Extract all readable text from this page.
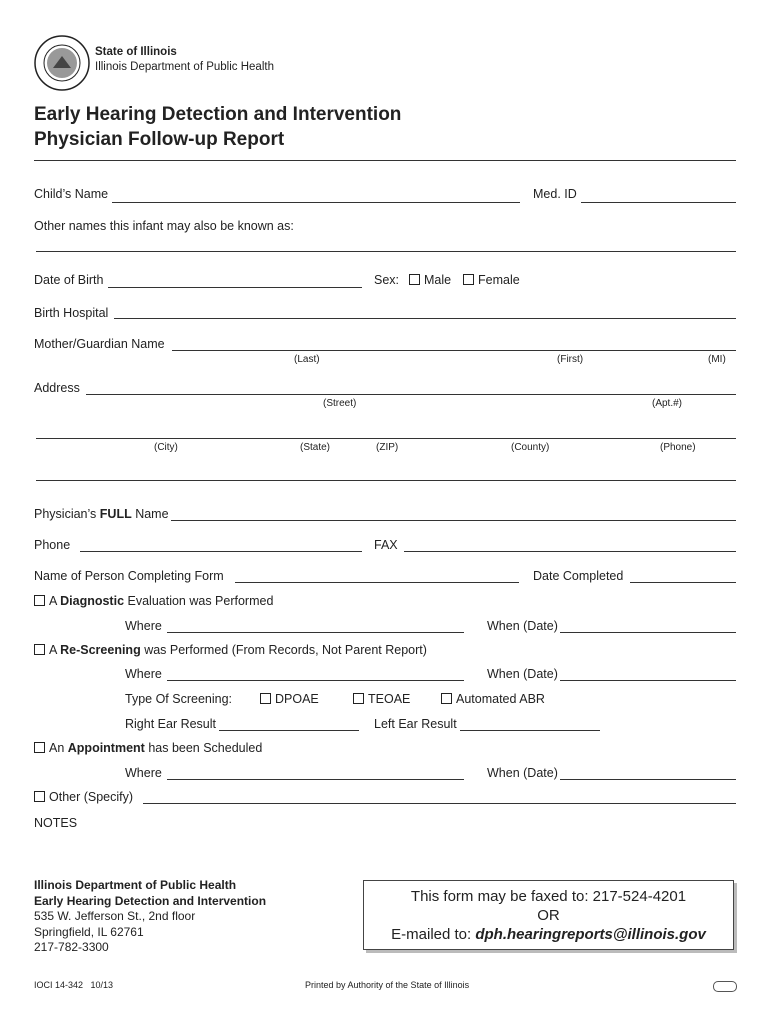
State of Illinois
Illinois Department of Public Health
Early Hearing Detection and Intervention
Physician Follow-up Report
Child’s Name	Med. ID
Other names this infant may also be known as:
Date of Birth	Sex:	Male	Female
Birth Hospital
Mother/Guardian Name
(Last)	(First)	(MI)
Address
(Street)	(Apt.#)
(City)	(State)	(ZIP)	(County)	(Phone)
Physician’s FULL Name
Phone	FAX
Name of Person Completing Form	Date Completed
A Diagnostic Evaluation was Performed
Where	When (Date)
A Re-Screening was Performed (From Records, Not Parent Report)
Where	When (Date)
Type Of Screening:	DPOAE	TEOAE	Automated ABR
Right Ear Result	Left Ear Result
An Appointment has been Scheduled
Where	When (Date)
Other (Specify)
NOTES
Illinois Department of Public Health
Early Hearing Detection and Intervention
535 W. Jefferson St., 2nd floor
Springfield, IL 62761
217-782-3300
This form may be faxed to: 217-524-4201
OR
E-mailed to: dph.hearingreports@illinois.gov
IOCI 14-342   10/13	Printed by Authority of the State of Illinois
